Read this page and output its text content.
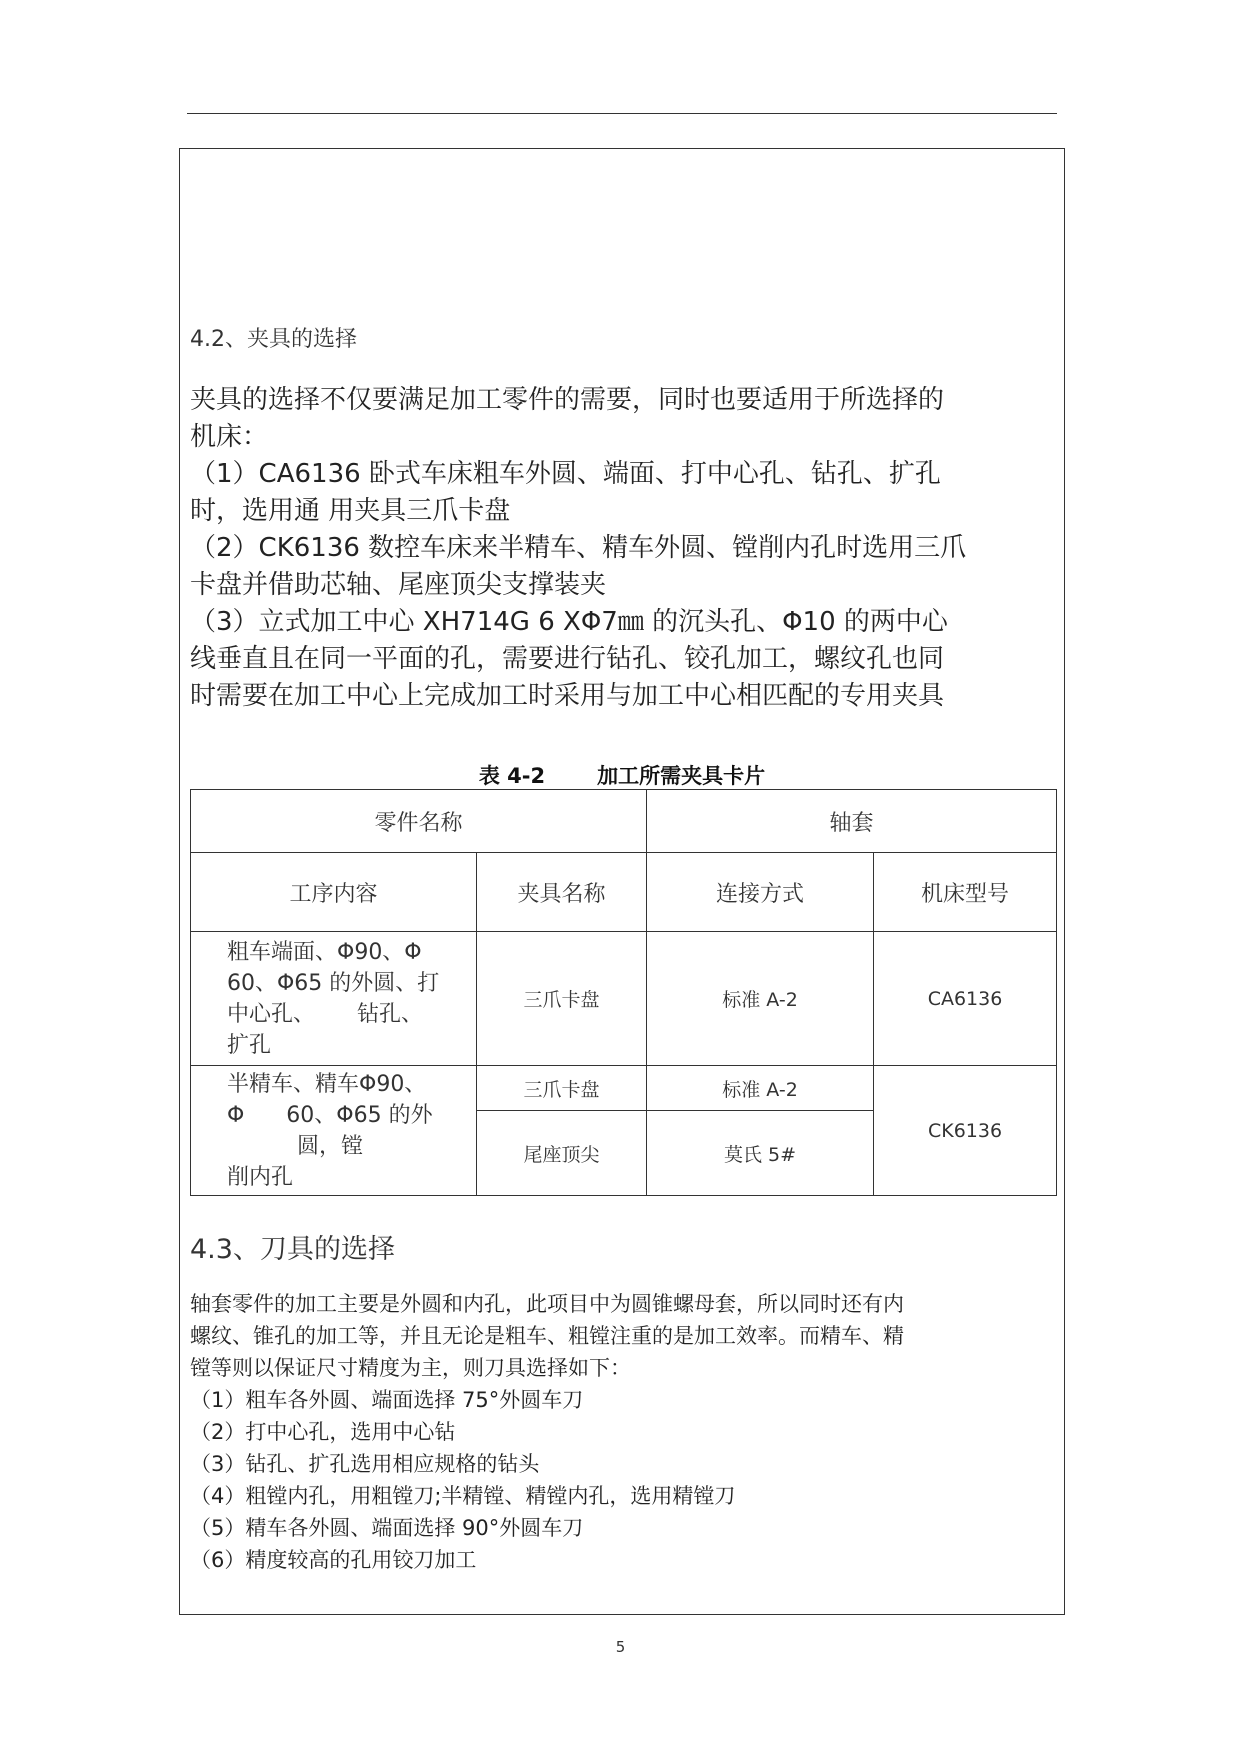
4.2、夹具的选择
夹具的选择不仅要满足加工零件的需要，同时也要适用于所选择的
机床：
（1）CA6136 卧式车床粗车外圆、端面、打中心孔、钻孔、扩孔
时，选用通 用夹具三爪卡盘
（2）CK6136 数控车床来半精车、精车外圆、镗削内孔时选用三爪
卡盘并借助芯轴、尾座顶尖支撑装夹
（3）立式加工中心 XH714G 6 XΦ7㎜ 的沉头孔、Φ10 的两中心
线垂直且在同一平面的孔，需要进行钻孔、铰孔加工，螺纹孔也同
时需要在加工中心上完成加工时采用与加工中心相匹配的专用夹具
表 4-2 加工所需夹具卡片
零件名称		轴套	
工序内容	夹具名称	连接方式	机床型号

粗车端面、Φ90、Φ
60、Φ65 的外圆、打
中心孔、      钻孔、
扩孔	三爪卡盘	标准 A-2	CA6136

半精车、精车Φ90、
Φ      60、Φ65 的外
圆，镗
削内孔	三爪卡盘	标准 A-2	CK6136
	尾座顶尖	莫氏 5#	
4.3、刀具的选择
轴套零件的加工主要是外圆和内孔，此项目中为圆锥螺母套，所以同时还有内
螺纹、锥孔的加工等，并且无论是粗车、粗镗注重的是加工效率。而精车、精
镗等则以保证尺寸精度为主，则刀具选择如下：
（1）粗车各外圆、端面选择 75°外圆车刀
（2）打中心孔，选用中心钻
（3）钻孔、扩孔选用相应规格的钻头
（4）粗镗内孔，用粗镗刀;半精镗、精镗内孔，选用精镗刀
（5）精车各外圆、端面选择 90°外圆车刀
（6）精度较高的孔用铰刀加工
5
